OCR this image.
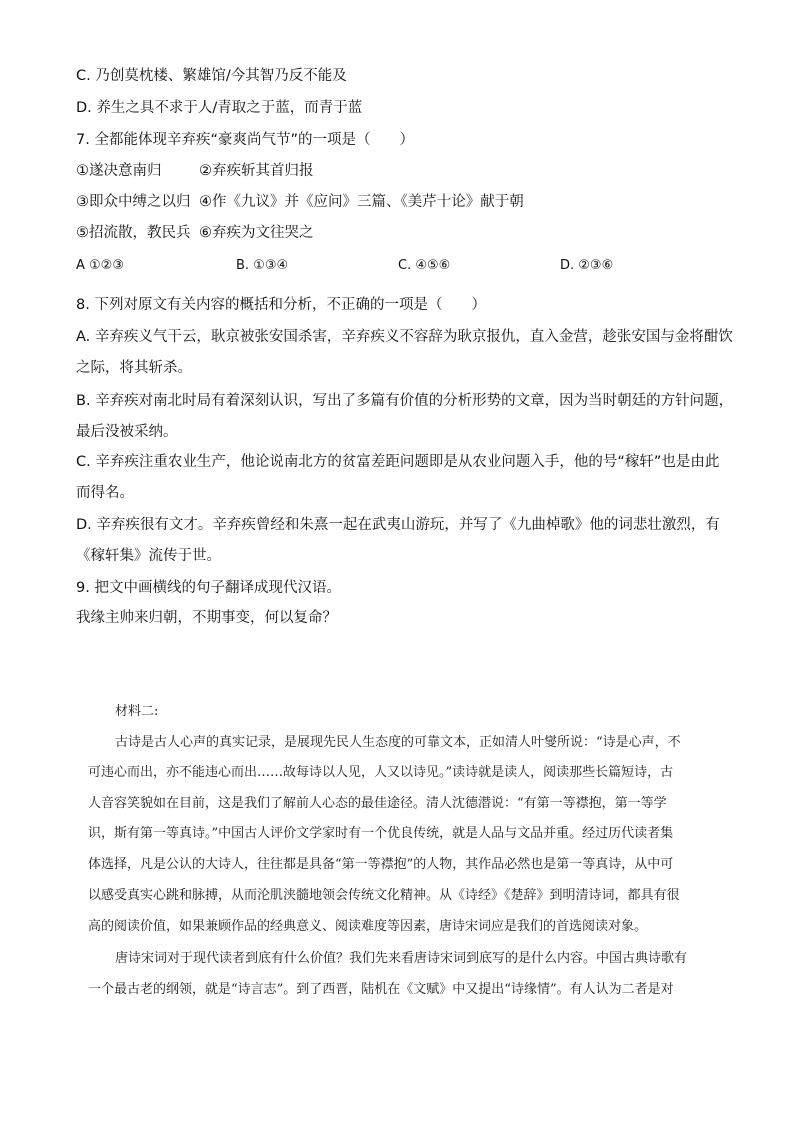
C. 乃创莫枕楼、繁雄馆/今其智乃反不能及
D. 养生之具不求于人/青取之于蓝，而青于蓝
7. 全都能体现辛弃疾“豪爽尚气节”的一项是（　　）
①遂决意南归	②弃疾斩其首归报
③即众中缚之以归 ④作《九议》并《应问》三篇、《美芹十论》献于朝
⑤招流散，教民兵 ⑥弃疾为文往哭之
A ①②③	B. ①③④	C. ④⑤⑥	D. ②③⑥
8. 下列对原文有关内容的概括和分析，不正确的一项是（　　）
A. 辛弃疾义气干云，耿京被张安国杀害，辛弃疾义不容辞为耿京报仇，直入金营，趁张安国与金将酣饮
之际，将其斩杀。
B. 辛弃疾对南北时局有着深刻认识，写出了多篇有价值的分析形势的文章，因为当时朝廷的方针问题，
最后没被采纳。
C. 辛弃疾注重农业生产，他论说南北方的贫富差距问题即是从农业问题入手，他的号“稼轩”也是由此
而得名。
D. 辛弃疾很有文才。辛弃疾曾经和朱熹一起在武夷山游玩，并写了《九曲棹歌》他的词悲壮激烈，有
《稼轩集》流传于世。
9. 把文中画横线的句子翻译成现代汉语。
我缘主帅来归朝，不期事变，何以复命？
材料二:
古诗是古人心声的真实记录，是展现先民人生态度的可靠文本，正如清人叶燮所说：“诗是心声，不
可违心而出，亦不能违心而出……故每诗以人见，人又以诗见。”读诗就是读人，阅读那些长篇短诗，古
人音容笑貌如在目前，这是我们了解前人心态的最佳途径。清人沈德潜说：“有第一等襟抱，第一等学
识，斯有第一等真诗。”中国古人评价文学家时有一个优良传统，就是人品与文品并重。经过历代读者集
体选择，凡是公认的大诗人，往往都是具备“第一等襟抱”的人物，其作品必然也是第一等真诗，从中可
以感受真实心跳和脉搏，从而沦肌浃髓地领会传统文化精神。从《诗经》《楚辞》到明清诗词，都具有很
高的阅读价值，如果兼顾作品的经典意义、阅读难度等因素，唐诗宋词应是我们的首选阅读对象。
唐诗宋词对于现代读者到底有什么价值？我们先来看唐诗宋词到底写的是什么内容。中国古典诗歌有
一个最古老的纲领，就是“诗言志”。到了西晋，陆机在《文赋》中又提出“诗缘情”。有人认为二者是对
